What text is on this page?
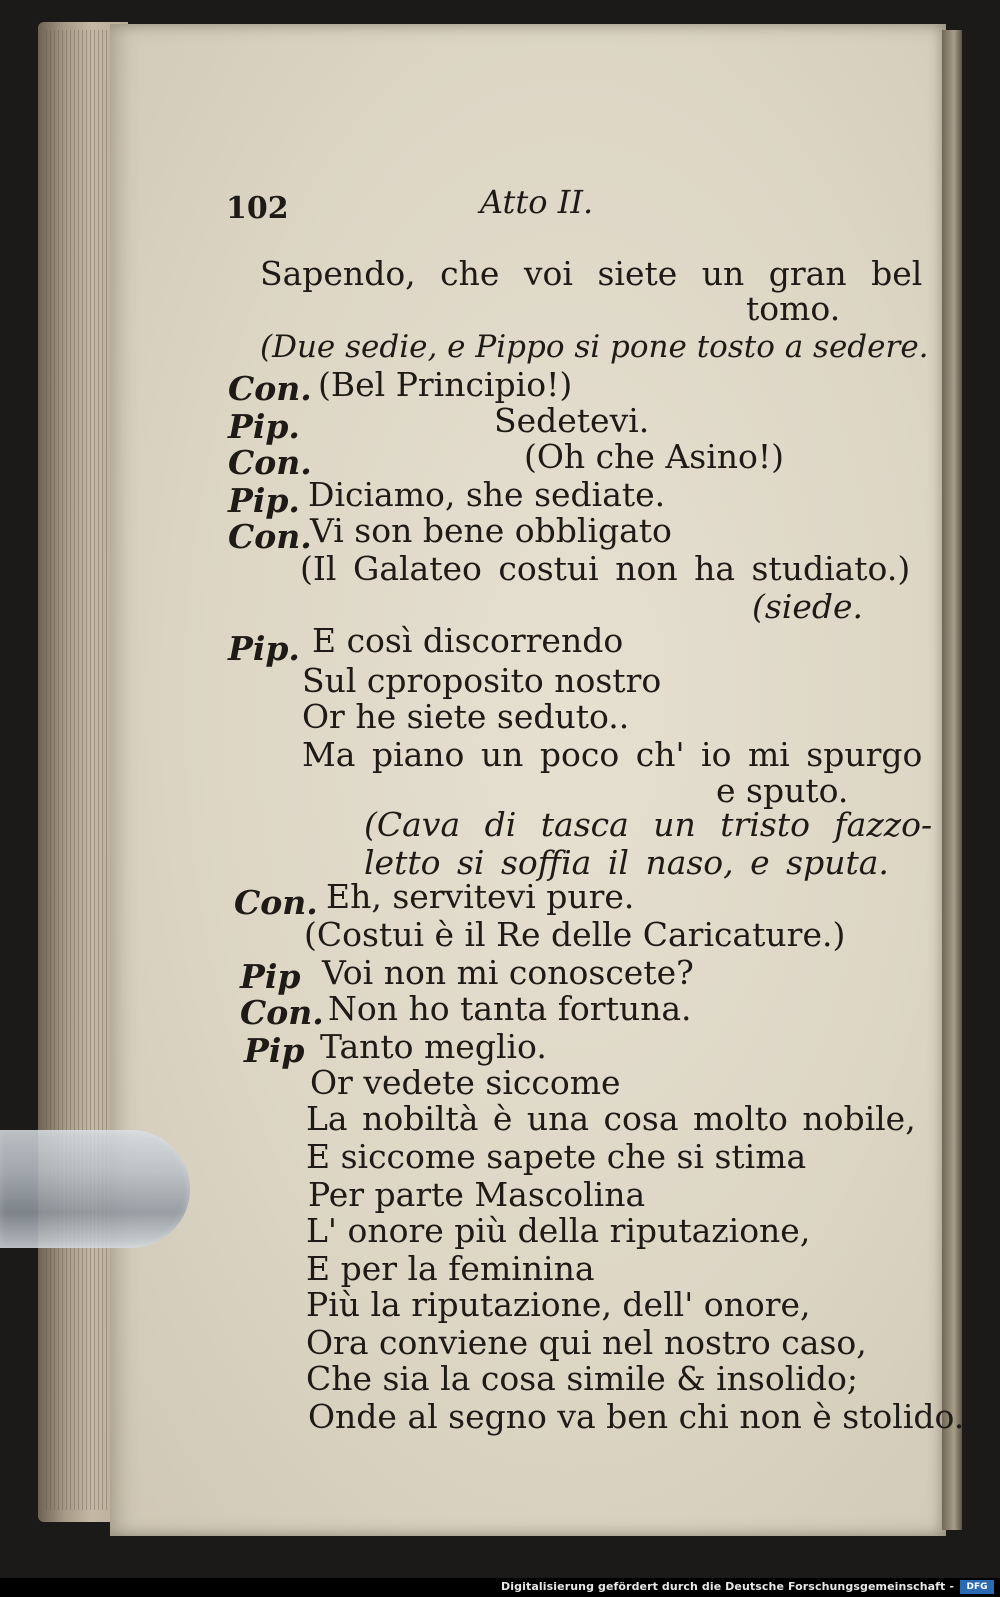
102	Atto II.
Sapendo, che voi siete un gran bel
tomo.
(Due sedie, e Pippo si pone tosto a sedere.
Con. (Bel Principio!)
Pip.	Sedetevi.
Con.	(Oh che Asino!)
Pip. Diciamo, she sediate.
Con.
Vi son bene obbligato
(Il Galateo costui non ha studiato.)
(siede.
Pip. E così discorrendo
Sul cproposito nostro
Or he siete seduto..
Ma piano un poco ch' io mi spurgo
e sputo.
(Cava di tasca un tristo fazzo-
letto si soffia il naso, e sputa.
Con. Eh, servitevi pure.
(Costui è il Re delle Caricature.)
Pip Voi non mi conoscete?
Con. Non ho tanta fortuna.
Pip Tanto meglio.
Or vedete siccome
La nobiltà è una cosa molto nobile,
E siccome sapete che si stima
Per parte Mascolina
L' onore più della riputazione,
E per la feminina
Più la riputazione, dell' onore,
Ora conviene qui nel nostro caso,
Che sia la cosa simile & insolido;
Onde al segno va ben chi non è stolido.
Digitalisierung gefördert durch die Deutsche Forschungsgemeinschaft -	DFG
